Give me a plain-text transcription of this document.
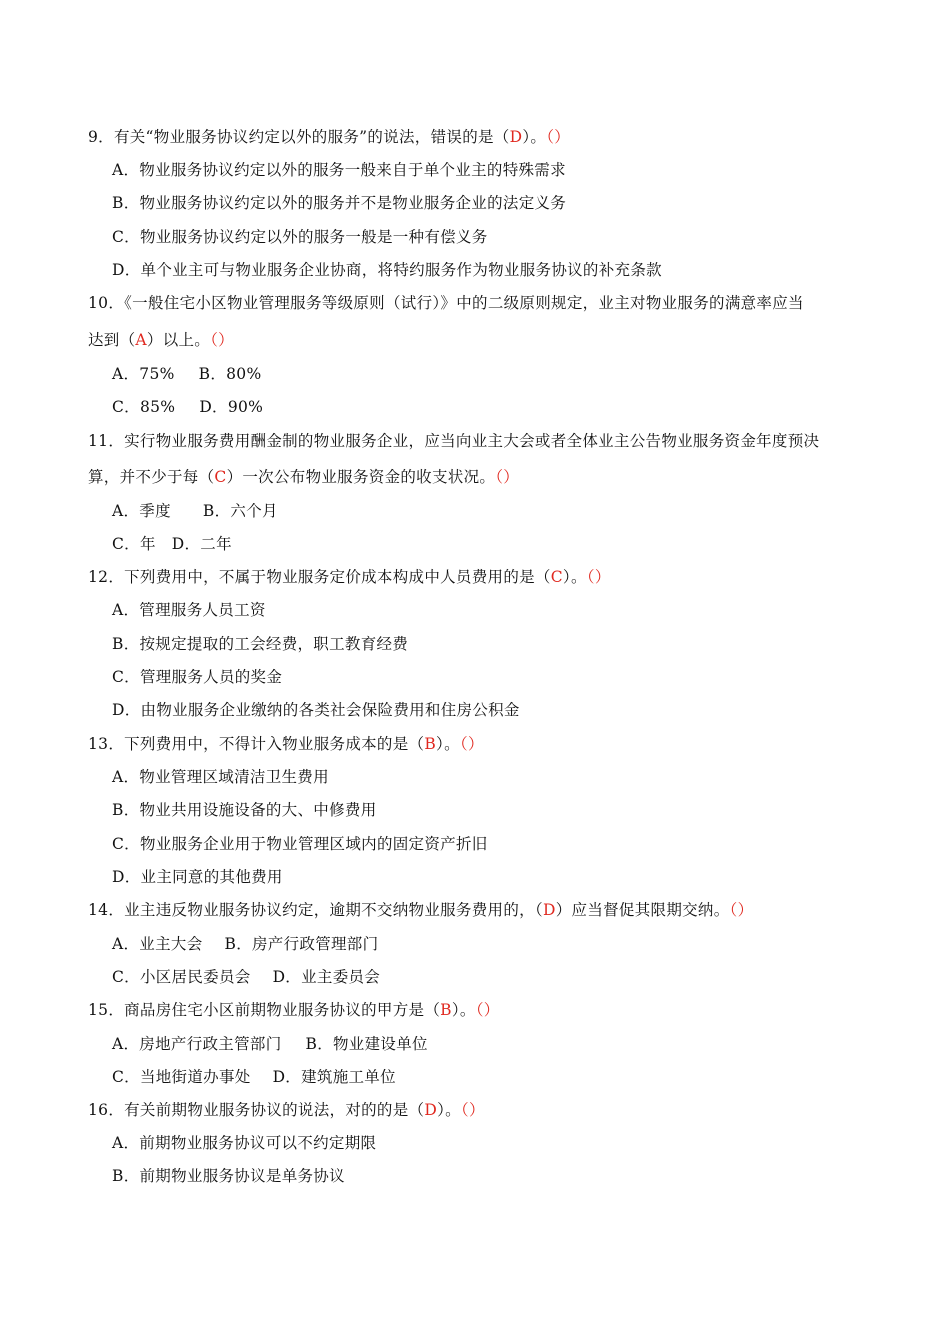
9．有关“物业服务协议约定以外的服务”的说法，错误的是（D）。（）
A．物业服务协议约定以外的服务一般来自于单个业主的特殊需求
B．物业服务协议约定以外的服务并不是物业服务企业的法定义务
C．物业服务协议约定以外的服务一般是一种有偿义务
D．单个业主可与物业服务企业协商，将特约服务作为物业服务协议的补充条款
10．《一般住宅小区物业管理服务等级原则（试行）》中的二级原则规定，业主对物业服务的满意率应当
达到（A）以上。（）
A．75% B．80%
C．85% D．90%
11．实行物业服务费用酬金制的物业服务企业，应当向业主大会或者全体业主公告物业服务资金年度预决
算，并不少于每（C）一次公布物业服务资金的收支状况。（）
A．季度 B．六个月
C．年 D．二年
12．下列费用中，不属于物业服务定价成本构成中人员费用的是（C）。（）
A．管理服务人员工资
B．按规定提取的工会经费，职工教育经费
C．管理服务人员的奖金
D．由物业服务企业缴纳的各类社会保险费用和住房公积金
13．下列费用中，不得计入物业服务成本的是（B）。（）
A．物业管理区域清洁卫生费用
B．物业共用设施设备的大、中修费用
C．物业服务企业用于物业管理区域内的固定资产折旧
D．业主同意的其他费用
14．业主违反物业服务协议约定，逾期不交纳物业服务费用的，（D）应当督促其限期交纳。（）
A．业主大会 B．房产行政管理部门
C．小区居民委员会 D．业主委员会
15．商品房住宅小区前期物业服务协议的甲方是（B）。（）
A．房地产行政主管部门 B．物业建设单位
C．当地街道办事处 D．建筑施工单位
16．有关前期物业服务协议的说法，对的的是（D）。（）
A．前期物业服务协议可以不约定期限
B．前期物业服务协议是单务协议
